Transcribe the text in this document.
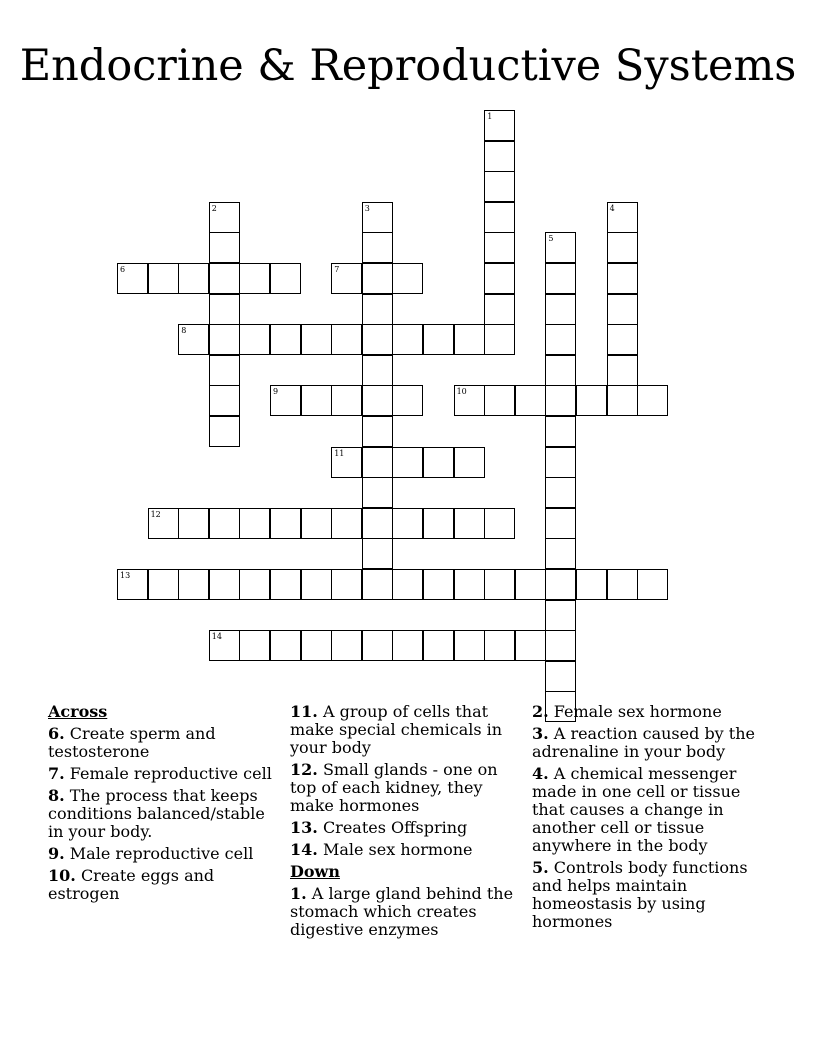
Endocrine & Reproductive Systems
1
2	3	4
5
6	7
8
9	10
11
12
13
14
Across
6. Create sperm and testosterone
7. Female reproductive cell
8. The process that keeps conditions balanced/stable in your body.
9. Male reproductive cell
10. Create eggs and estrogen
11. A group of cells that make special chemicals in your body
12. Small glands - one on top of each kidney, they make hormones
13. Creates Offspring
14. Male sex hormone
Down
1. A large gland behind the stomach which creates digestive enzymes
2. Female sex hormone
3. A reaction caused by the adrenaline in your body
4. A chemical messenger made in one cell or tissue that causes a change in another cell or tissue anywhere in the body
5. Controls body functions and helps maintain homeostasis by using hormones
